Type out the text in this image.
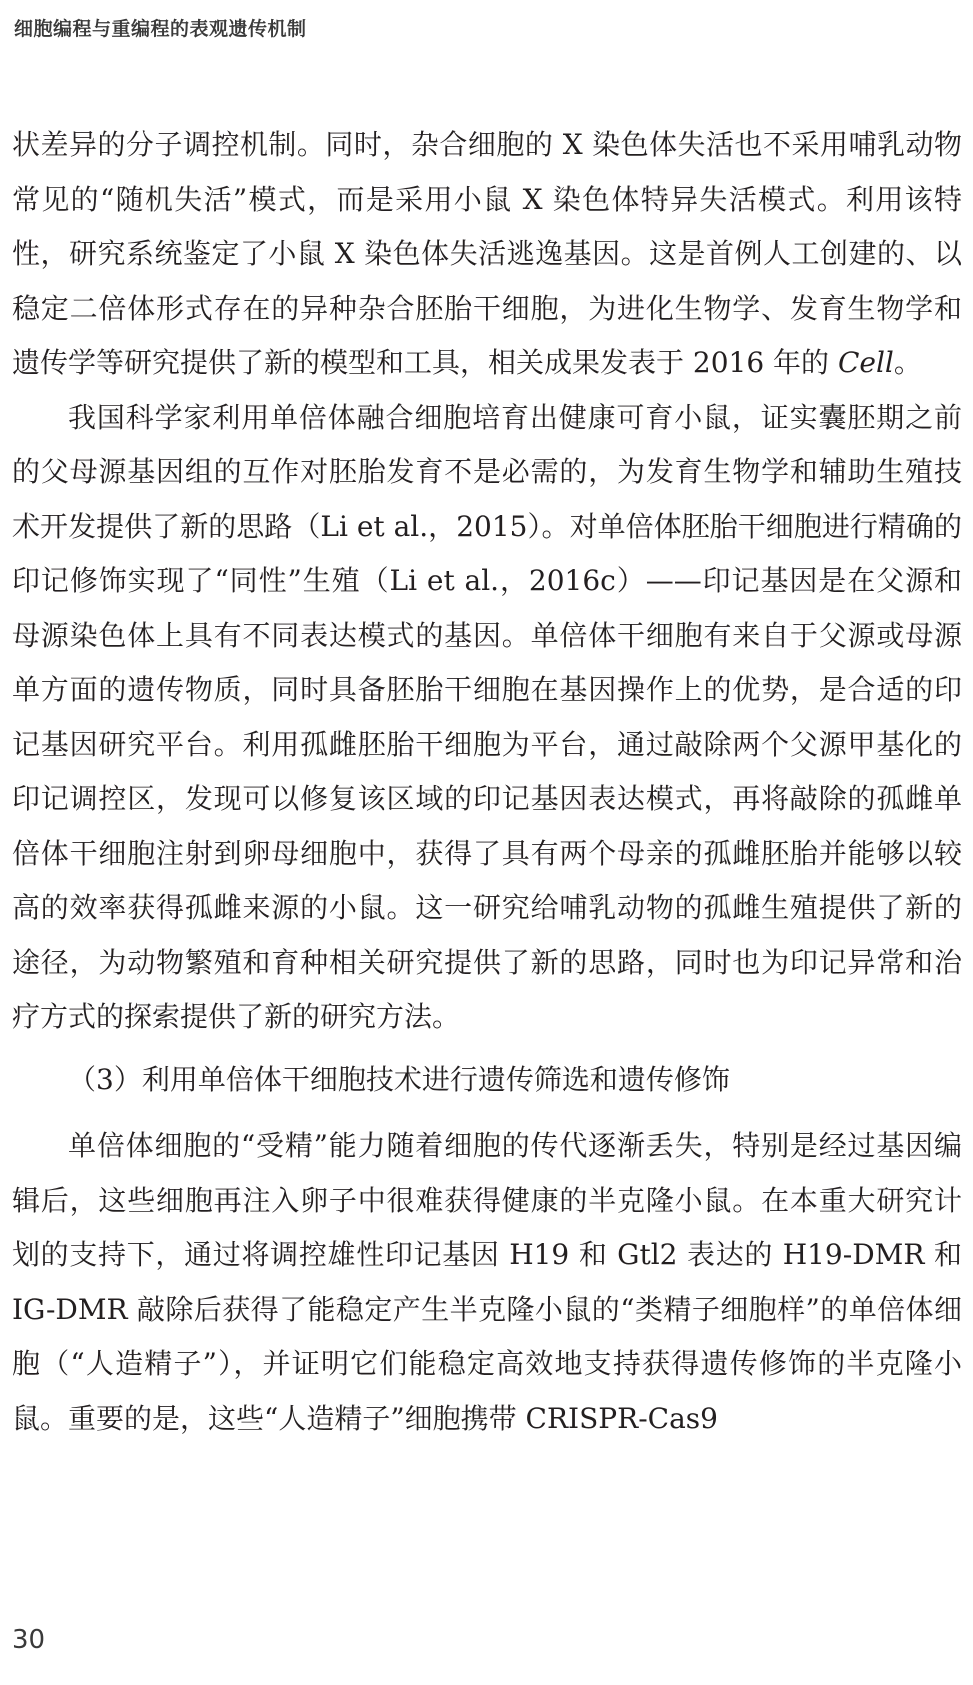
细胞编程与重编程的表观遗传机制

状差异的分子调控机制。同时，杂合细胞的 X 染色体失活也不采用哺乳动物常见的“随机失活”模式，而是采用小鼠 X 染色体特异失活模式。利用该特性，研究系统鉴定了小鼠 X 染色体失活逃逸基因。这是首例人工创建的、以稳定二倍体形式存在的异种杂合胚胎干细胞，为进化生物学、发育生物学和遗传学等研究提供了新的模型和工具，相关成果发表于 2016 年的 Cell。

我国科学家利用单倍体融合细胞培育出健康可育小鼠，证实囊胚期之前的父母源基因组的互作对胚胎发育不是必需的，为发育生物学和辅助生殖技术开发提供了新的思路（Li et al.，2015）。对单倍体胚胎干细胞进行精确的印记修饰实现了“同性”生殖（Li et al.，2016c）——印记基因是在父源和母源染色体上具有不同表达模式的基因。单倍体干细胞有来自于父源或母源单方面的遗传物质，同时具备胚胎干细胞在基因操作上的优势，是合适的印记基因研究平台。利用孤雌胚胎干细胞为平台，通过敲除两个父源甲基化的印记调控区，发现可以修复该区域的印记基因表达模式，再将敲除的孤雌单倍体干细胞注射到卵母细胞中，获得了具有两个母亲的孤雌胚胎并能够以较高的效率获得孤雌来源的小鼠。这一研究给哺乳动物的孤雌生殖提供了新的途径，为动物繁殖和育种相关研究提供了新的思路，同时也为印记异常和治疗方式的探索提供了新的研究方法。

（3）利用单倍体干细胞技术进行遗传筛选和遗传修饰

单倍体细胞的“受精”能力随着细胞的传代逐渐丢失，特别是经过基因编辑后，这些细胞再注入卵子中很难获得健康的半克隆小鼠。在本重大研究计划的支持下，通过将调控雄性印记基因 H19 和 Gtl2 表达的 H19-DMR 和 IG-DMR 敲除后获得了能稳定产生半克隆小鼠的“类精子细胞样”的单倍体细胞（“人造精子”），并证明它们能稳定高效地支持获得遗传修饰的半克隆小鼠。重要的是，这些“人造精子”细胞携带 CRISPR-Cas9

30
